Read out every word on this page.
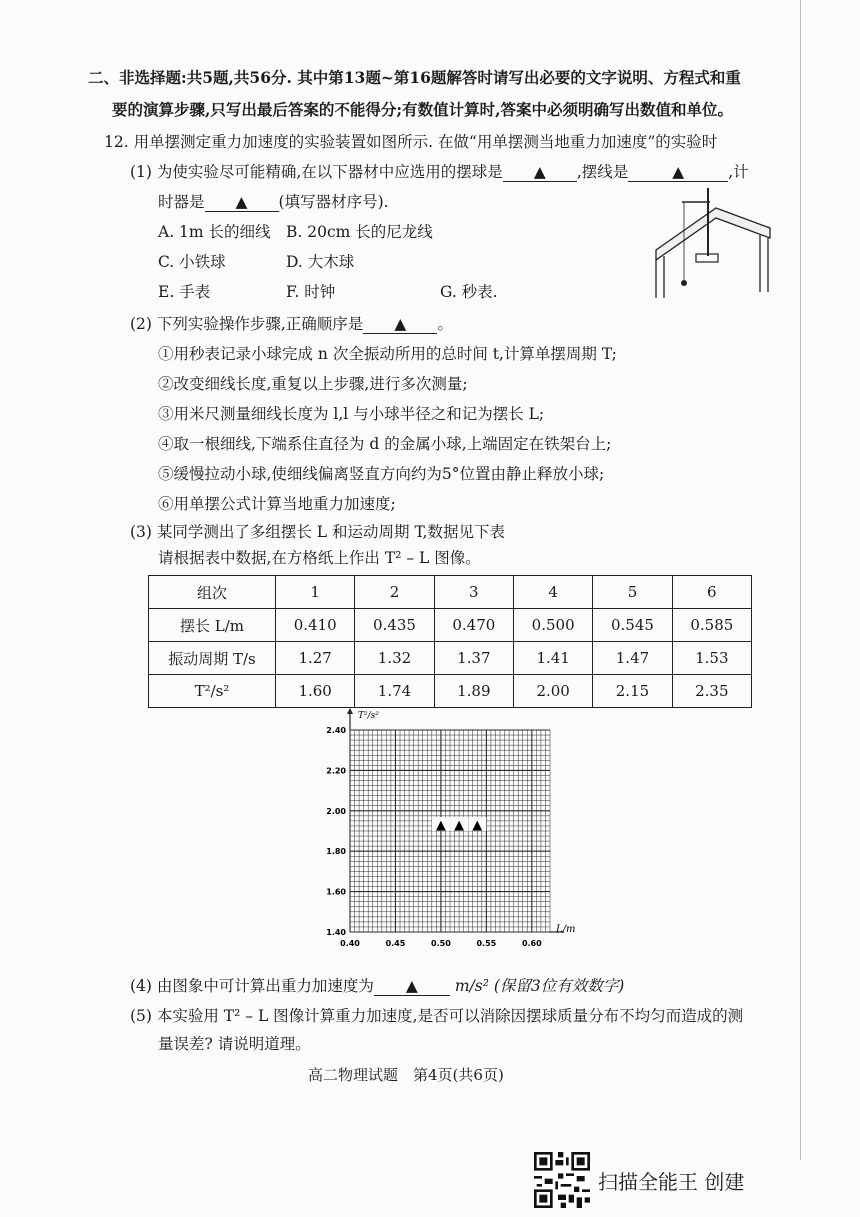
二、非选择题:共5题,共56分. 其中第13题~第16题解答时请写出必要的文字说明、方程式和重
要的演算步骤,只写出最后答案的不能得分;有数值计算时,答案中必须明确写出数值和单位。
12. 用单摆测定重力加速度的实验装置如图所示. 在做“用单摆测当地重力加速度”的实验时
(1) 为使实验尽可能精确,在以下器材中应选用的摆球是 ▲ ,摆线是	▲	,计
时器是 ▲ (填写器材序号).
A. 1m 长的细线 B. 20cm 长的尼龙线
C. 小铁球	D. 大木球
E. 手表	F. 时钟	G. 秒表.
(2) 下列实验操作步骤,正确顺序是 ▲ 。
①用秒表记录小球完成 n 次全振动所用的总时间 t,计算单摆周期 T;
②改变细线长度,重复以上步骤,进行多次测量;
③用米尺测量细线长度为 l,l 与小球半径之和记为摆长 L;
④取一根细线,下端系住直径为 d 的金属小球,上端固定在铁架台上;
⑤缓慢拉动小球,使细线偏离竖直方向约为5°位置由静止释放小球;
⑥用单摆公式计算当地重力加速度;
(3) 某同学测出了多组摆长 L 和运动周期 T,数据见下表
请根据表中数据,在方格纸上作出 T² – L 图像。
组次	1	2	3	4	5	6
摆长 L/m	0.410	0.435	0.470	0.500	0.545	0.585
振动周期 T/s	1.27	1.32	1.37	1.41	1.47	1.53
T²/s²	1.60	1.74	1.89	2.00	2.15	2.35
0.40	0.45	0.50	0.55	0.60
1.40
1.60
1.80
2.00
2.20
2.40
▲ ▲ ▲
T²/s²
L/m
(4) 由图象中可计算出重力加速度为 ▲ m/s² (保留3位有效数字)
(5) 本实验用 T² – L 图像计算重力加速度,是否可以消除因摆球质量分布不均匀而造成的测
量误差? 请说明道理。
高二物理试题　第4页(共6页)
扫描全能王 创建
